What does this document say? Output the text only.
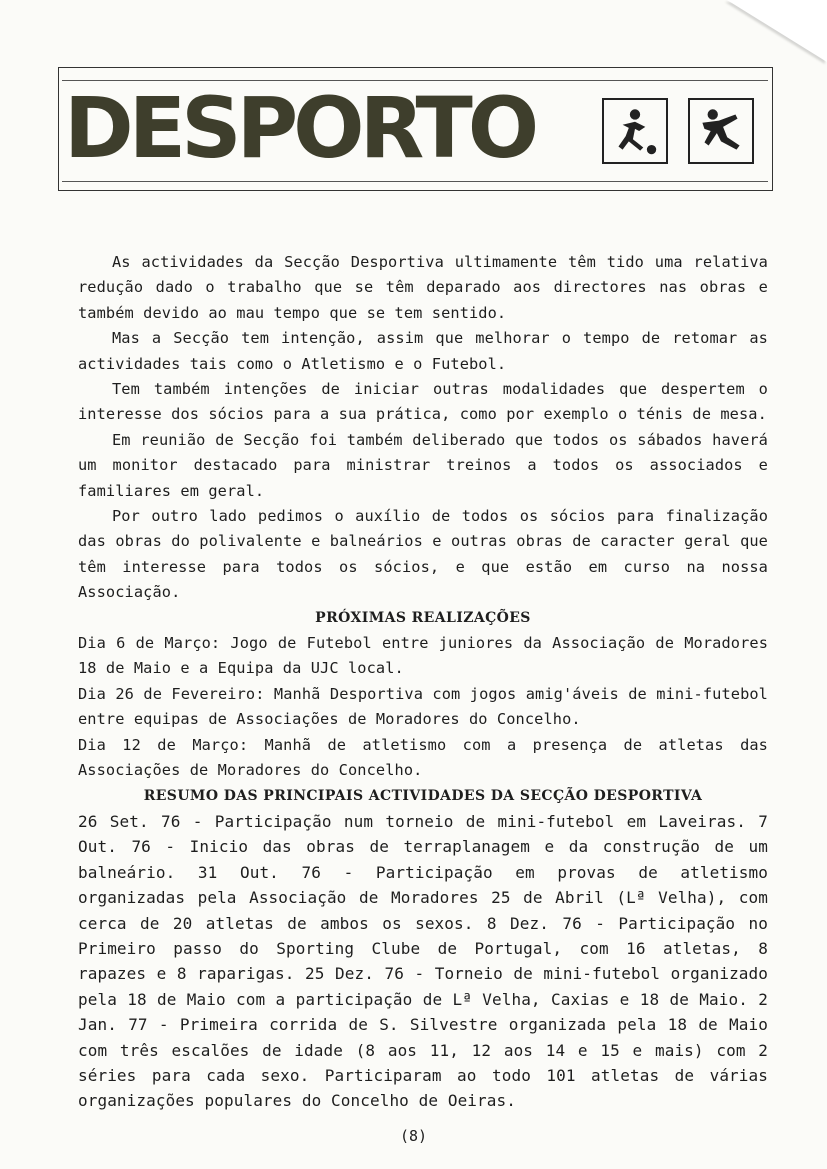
DESPORTO

As actividades da Secção Desportiva ultimamente têm tido uma relativa redução dado o trabalho que se têm deparado aos directores nas obras e também devido ao mau tempo que se tem sentido.

Mas a Secção tem intenção, assim que melhorar o tempo de retomar as actividades tais como o Atletismo e o Futebol.

Tem também intenções de iniciar outras modalidades que despertem o interesse dos sócios para a sua prática, como por exemplo o ténis de mesa.

Em reunião de Secção foi também deliberado que todos os sábados haverá um monitor destacado para ministrar treinos a todos os associados e familiares em geral.

Por outro lado pedimos o auxílio de todos os sócios para finalização das obras do polivalente e balneários e outras obras de caracter geral que têm interesse para todos os sócios, e que estão em curso na nossa Associação.

PRÓXIMAS REALIZAÇÕES

Dia 6 de Março: Jogo de Futebol entre juniores da Associação de Moradores 18 de Maio e a Equipa da UJC local.

Dia 26 de Fevereiro: Manhã Desportiva com jogos amig'áveis de mini-futebol entre equipas de Associações de Moradores do Concelho.

Dia 12 de Março: Manhã de atletismo com a presença de atletas das Associações de Moradores do Concelho.

RESUMO DAS PRINCIPAIS ACTIVIDADES DA SECÇÃO DESPORTIVA

26 Set. 76 - Participação num torneio de mini-futebol em Laveiras. 7 Out. 76 - Inicio das obras de terraplanagem e da construção de um balneário. 31 Out. 76 - Participação em provas de atletismo organizadas pela Associação de Moradores 25 de Abril (Lª Velha), com cerca de 20 atletas de ambos os sexos. 8 Dez. 76 - Participação no Primeiro passo do Sporting Clube de Portugal, com 16 atletas, 8 rapazes e 8 raparigas. 25 Dez. 76 - Torneio de mini-futebol organizado pela 18 de Maio com a participação de Lª Velha, Caxias e 18 de Maio. 2 Jan. 77 - Primeira corrida de S. Silvestre organizada pela 18 de Maio com três escalões de idade (8 aos 11, 12 aos 14 e 15 e mais) com 2 séries para cada sexo. Participaram ao todo 101 atletas de várias organizações populares do Concelho de Oeiras.

(8)
